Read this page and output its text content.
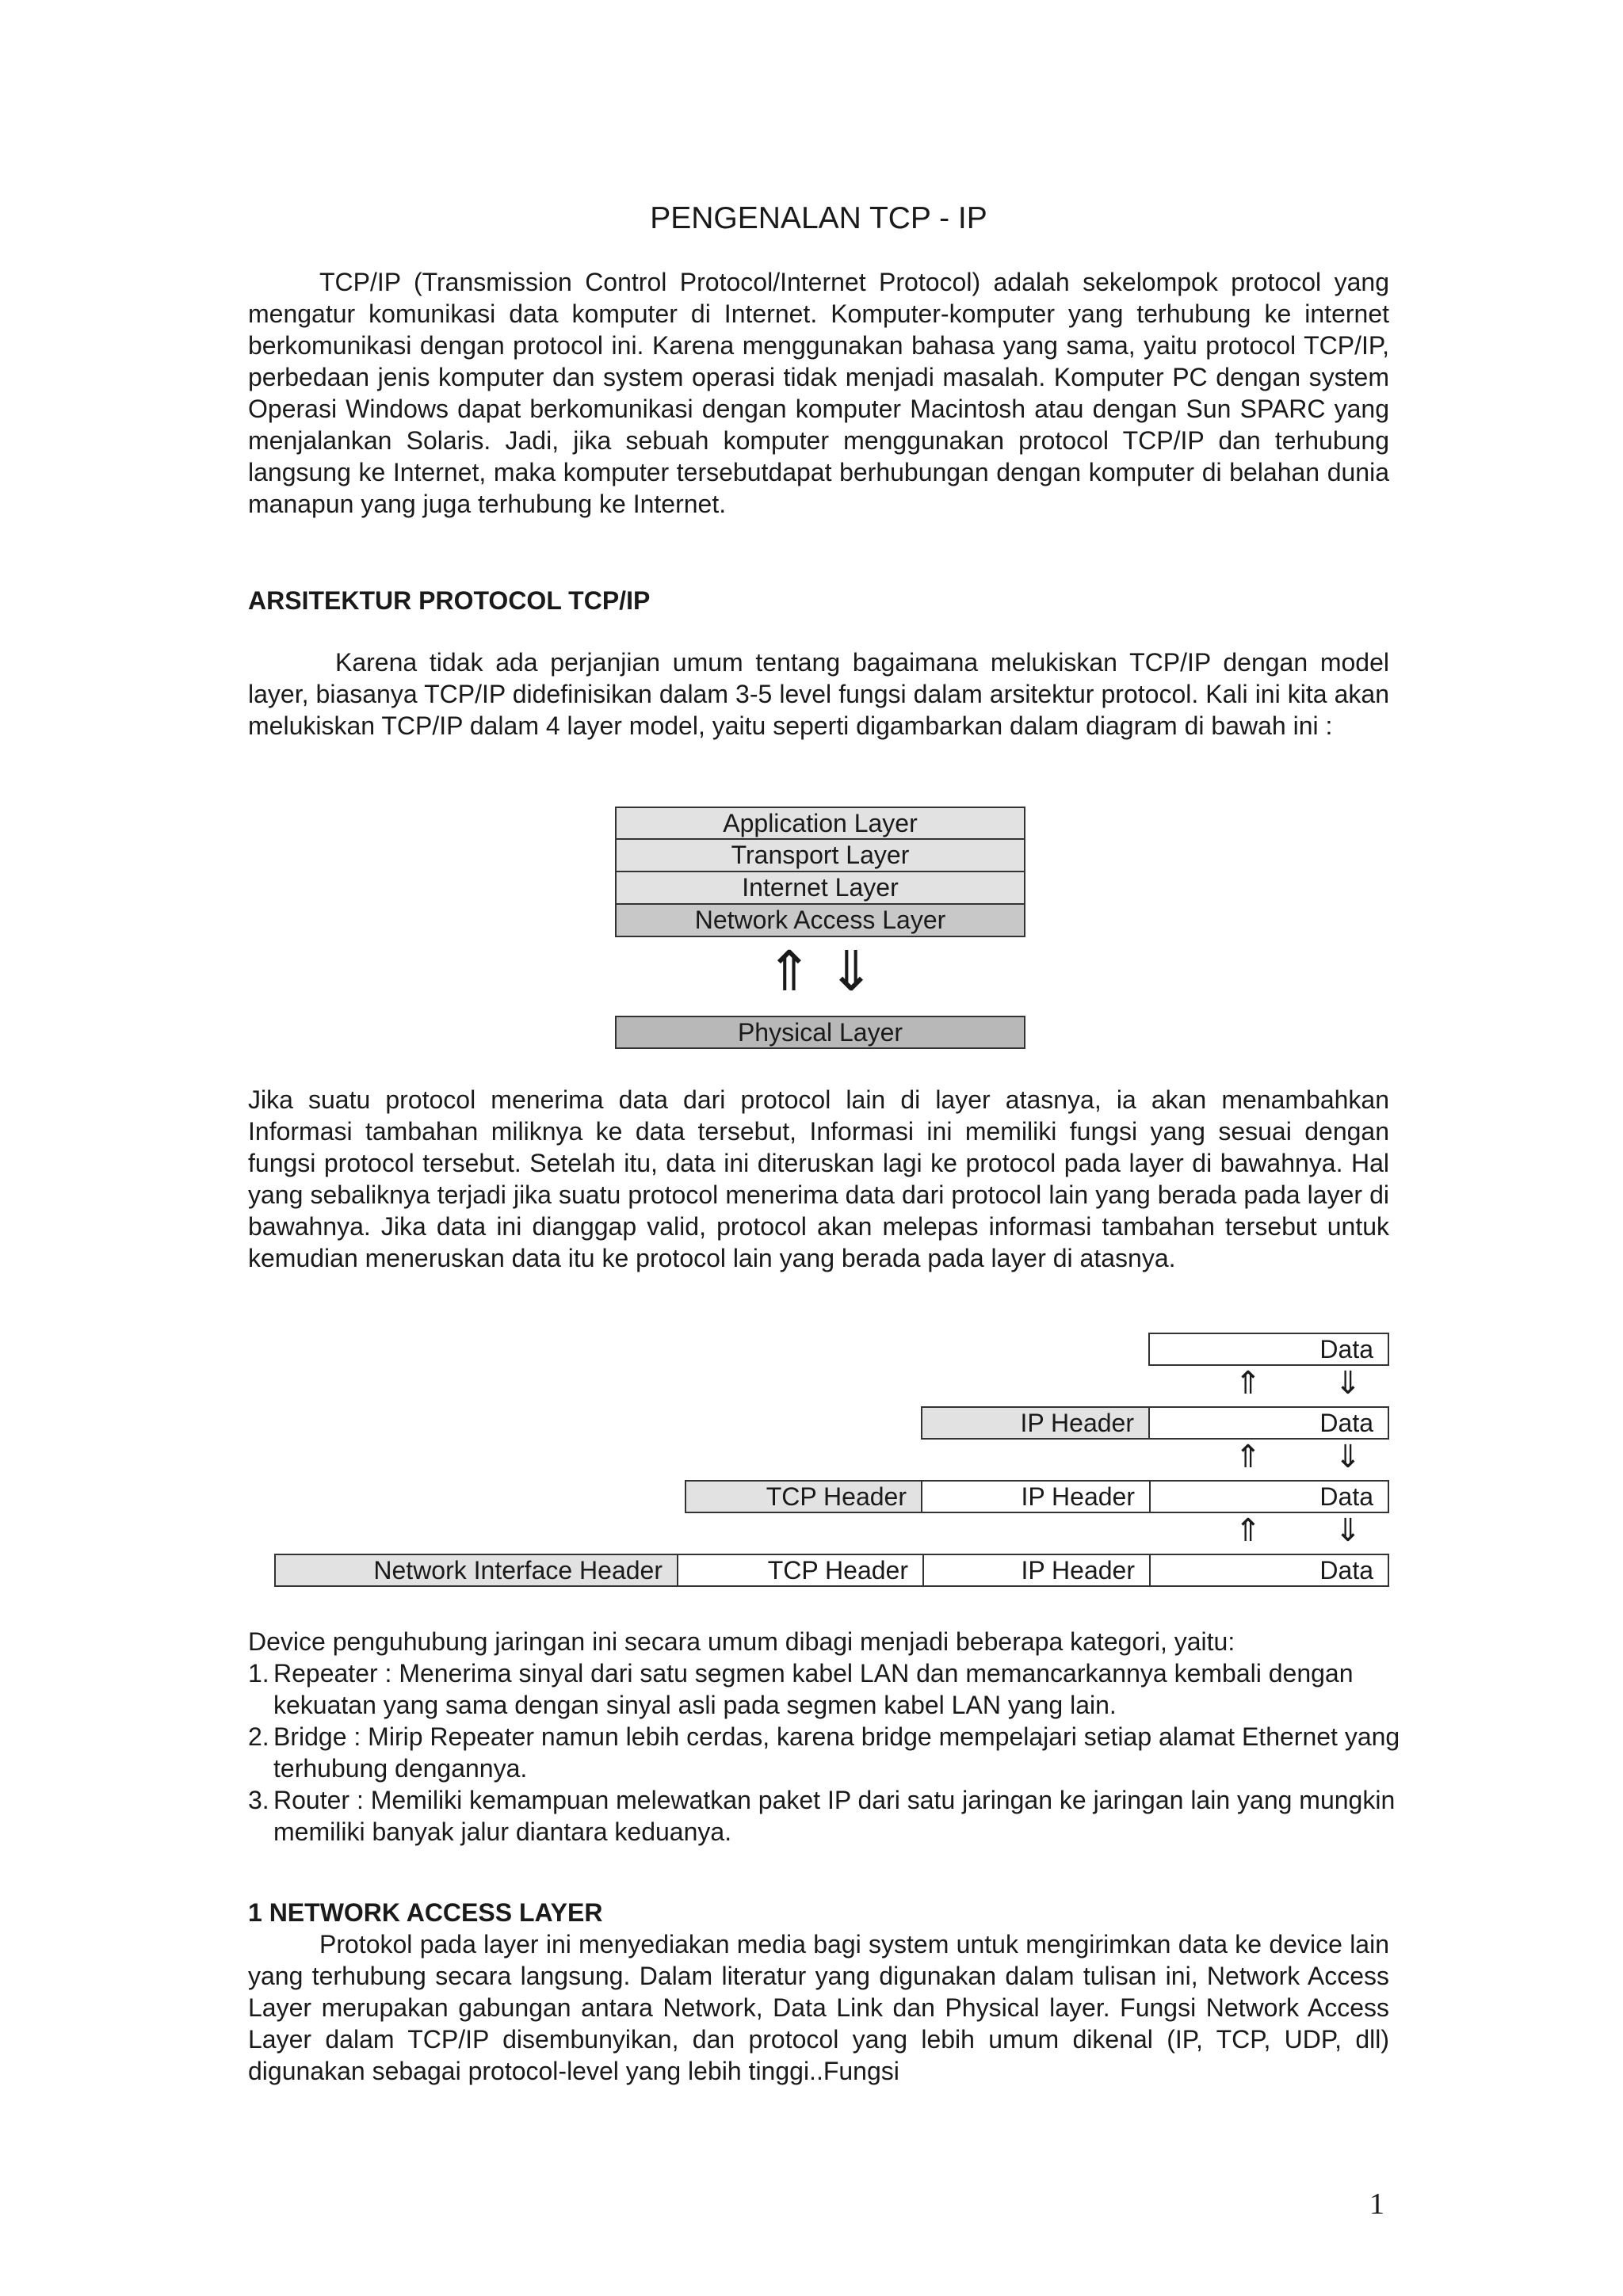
PENGENALAN TCP - IP

TCP/IP (Transmission Control Protocol/Internet Protocol) adalah sekelompok protocol yang mengatur komunikasi data komputer di Internet. Komputer-komputer yang terhubung ke internet berkomunikasi dengan protocol ini. Karena menggunakan bahasa yang sama, yaitu protocol TCP/IP, perbedaan jenis komputer dan system operasi tidak menjadi masalah. Komputer PC dengan system Operasi Windows dapat berkomunikasi dengan komputer Macintosh atau dengan Sun SPARC yang menjalankan Solaris. Jadi, jika sebuah komputer menggunakan protocol TCP/IP dan terhubung langsung ke Internet, maka komputer tersebutdapat berhubungan dengan komputer di belahan dunia manapun yang juga terhubung ke Internet.

ARSITEKTUR PROTOCOL TCP/IP

Karena tidak ada perjanjian umum tentang bagaimana melukiskan TCP/IP dengan model layer, biasanya TCP/IP didefinisikan dalam 3-5 level fungsi dalam arsitektur protocol. Kali ini kita akan melukiskan TCP/IP dalam 4 layer model, yaitu seperti digambarkan dalam diagram di bawah ini :

Application Layer
Transport Layer
Internet Layer
Network Access Layer
⇑ ⇓
Physical Layer

Jika suatu protocol menerima data dari protocol lain di layer atasnya, ia akan menambahkan Informasi tambahan miliknya ke data tersebut, Informasi ini memiliki fungsi yang sesuai dengan fungsi protocol tersebut. Setelah itu, data ini diteruskan lagi ke protocol pada layer di bawahnya. Hal yang sebaliknya terjadi jika suatu protocol menerima data dari protocol lain yang berada pada layer di bawahnya. Jika data ini dianggap valid, protocol akan melepas informasi tambahan tersebut untuk kemudian meneruskan data itu ke protocol lain yang berada pada layer di atasnya.

Data
⇑ ⇓
IP Header	Data
⇑ ⇓
TCP Header	IP Header	Data
⇑ ⇓
Network Interface Header	TCP Header	IP Header	Data

Device penguhubung jaringan ini secara umum dibagi menjadi beberapa kategori, yaitu:

1. Repeater : Menerima sinyal dari satu segmen kabel LAN dan memancarkannya kembali dengan kekuatan yang sama dengan sinyal asli pada segmen kabel LAN yang lain.
2. Bridge : Mirip Repeater namun lebih cerdas, karena bridge mempelajari setiap alamat Ethernet yang terhubung dengannya.
3. Router : Memiliki kemampuan melewatkan paket IP dari satu jaringan ke jaringan lain yang mungkin memiliki banyak jalur diantara keduanya.
1 NETWORK ACCESS LAYER

Protokol pada layer ini menyediakan media bagi system untuk mengirimkan data ke device lain yang terhubung secara langsung. Dalam literatur yang digunakan dalam tulisan ini, Network Access Layer merupakan gabungan antara Network, Data Link dan Physical layer. Fungsi Network Access Layer dalam TCP/IP disembunyikan, dan protocol yang lebih umum dikenal (IP, TCP, UDP, dll) digunakan sebagai protocol-level yang lebih tinggi..Fungsi

1
